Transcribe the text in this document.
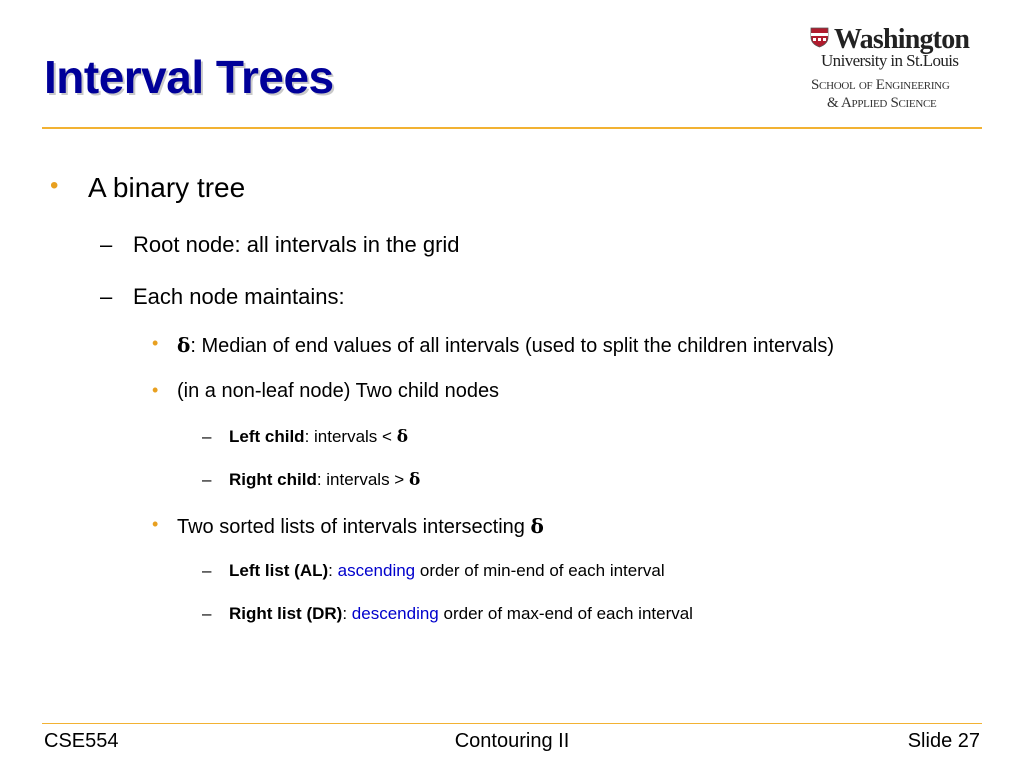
Interval Trees
Washington
University in St.Louis
School of Engineering
& Applied Science
• A binary tree
– Root node: all intervals in the grid
– Each node maintains:
• δ: Median of end values of all intervals (used to split the children intervals)
• (in a non-leaf node) Two child nodes
– Left child: intervals < δ
– Right child: intervals > δ
• Two sorted lists of intervals intersecting δ
– Left list (AL): ascending order of min-end of each interval
– Right list (DR): descending order of max-end of each interval
CSE554	Contouring II	Slide 27
